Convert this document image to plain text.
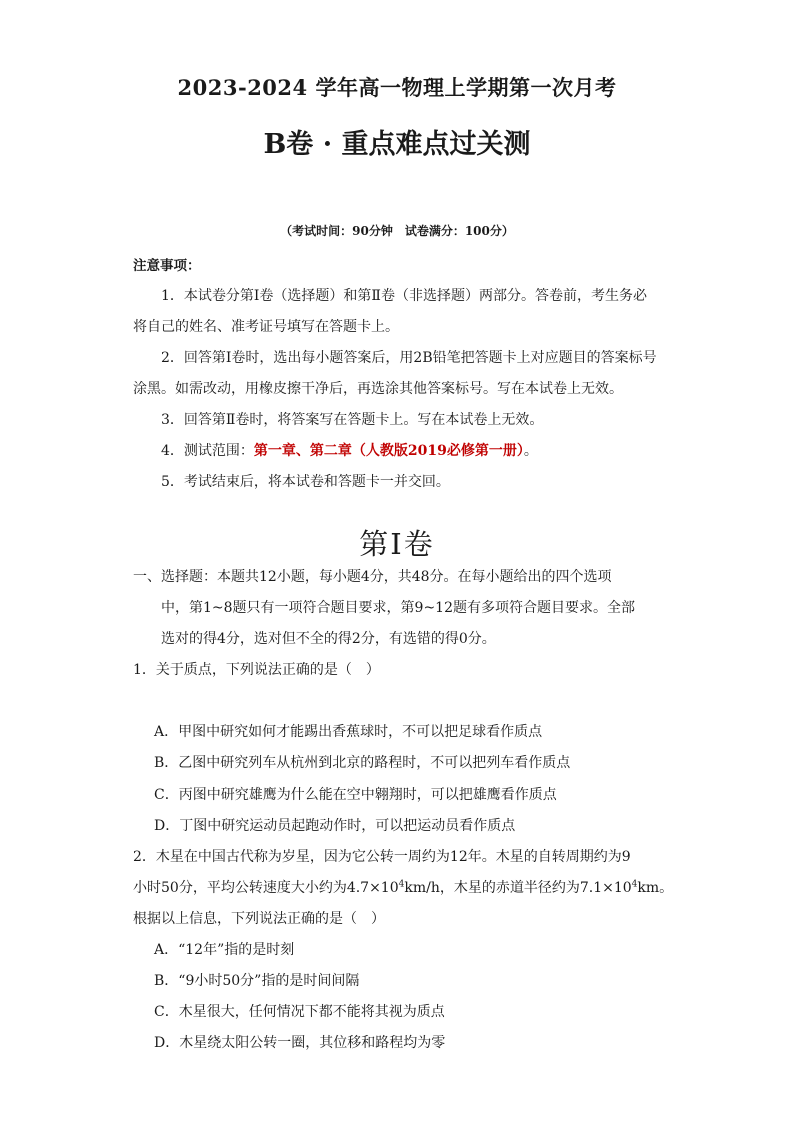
2023-2024 学年高一物理上学期第一次月考
B卷 · 重点难点过关测
（考试时间：90分钟　试卷满分：100分）
注意事项：
1．本试卷分第Ⅰ卷（选择题）和第Ⅱ卷（非选择题）两部分。答卷前，考生务必
将自己的姓名、准考证号填写在答题卡上。
2．回答第Ⅰ卷时，选出每小题答案后，用2B铅笔把答题卡上对应题目的答案标号
涂黑。如需改动，用橡皮擦干净后，再选涂其他答案标号。写在本试卷上无效。
3．回答第Ⅱ卷时，将答案写在答题卡上。写在本试卷上无效。
4．测试范围：第一章、第二章（人教版2019必修第一册）。
5．考试结束后，将本试卷和答题卡一并交回。
第Ⅰ卷
一、选择题：本题共12小题，每小题4分，共48分。在每小题给出的四个选项
中，第1~8题只有一项符合题目要求，第9~12题有多项符合题目要求。全部
选对的得4分，选对但不全的得2分，有选错的得0分。
1．关于质点，下列说法正确的是（　）
A．甲图中研究如何才能踢出香蕉球时，不可以把足球看作质点
B．乙图中研究列车从杭州到北京的路程时，不可以把列车看作质点
C．丙图中研究雄鹰为什么能在空中翱翔时，可以把雄鹰看作质点
D．丁图中研究运动员起跑动作时，可以把运动员看作质点
2．木星在中国古代称为岁星，因为它公转一周约为12年。木星的自转周期约为9
小时50分，平均公转速度大小约为$4.7\times 10^4km/h$，木星的赤道半径约为$7.1\times 10^4km$。
根据以上信息，下列说法正确的是（　）
A．“12年”指的是时刻
B．“9小时50分”指的是时间间隔
C．木星很大，任何情况下都不能将其视为质点
D．木星绕太阳公转一圈，其位移和路程均为零
